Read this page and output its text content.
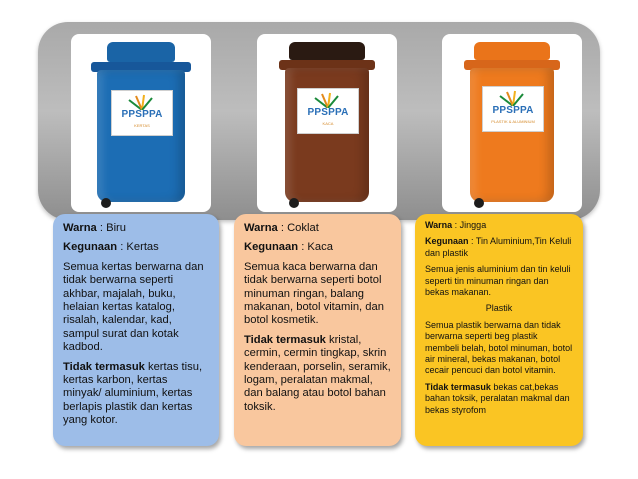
PPSPPA
KERTAS
PPSPPA
KACA
PPSPPA
PLASTIK & ALUMINIUM

Warna : Biru

Kegunaan : Kertas

Semua kertas berwarna dan tidak berwarna seperti akhbar, majalah, buku, helaian kertas katalog, risalah, kalendar, kad, sampul surat dan kotak kadbod.

Tidak termasuk kertas tisu, kertas karbon, kertas minyak/ aluminium, kertas berlapis plastik dan kertas yang kotor.

Warna : Coklat

Kegunaan : Kaca

Semua kaca berwarna dan tidak berwarna seperti botol minuman ringan, balang makanan, botol vitamin, dan botol kosmetik.

Tidak termasuk kristal, cermin, cermin tingkap, skrin kenderaan, porselin, seramik, logam, peralatan makmal, dan balang atau botol bahan toksik.

Warna : Jingga

Kegunaan : Tin Aluminium,Tin Keluli dan plastik

Semua jenis aluminium dan tin keluli seperti tin minuman ringan dan bekas makanan.

Plastik

Semua plastik berwarna dan tidak berwarna seperti beg plastik membeli belah, botol minuman, botol air mineral, bekas makanan, botol cecair pencuci dan botol vitamin.

Tidak termasuk bekas cat,bekas bahan toksik, peralatan makmal dan bekas styrofom
